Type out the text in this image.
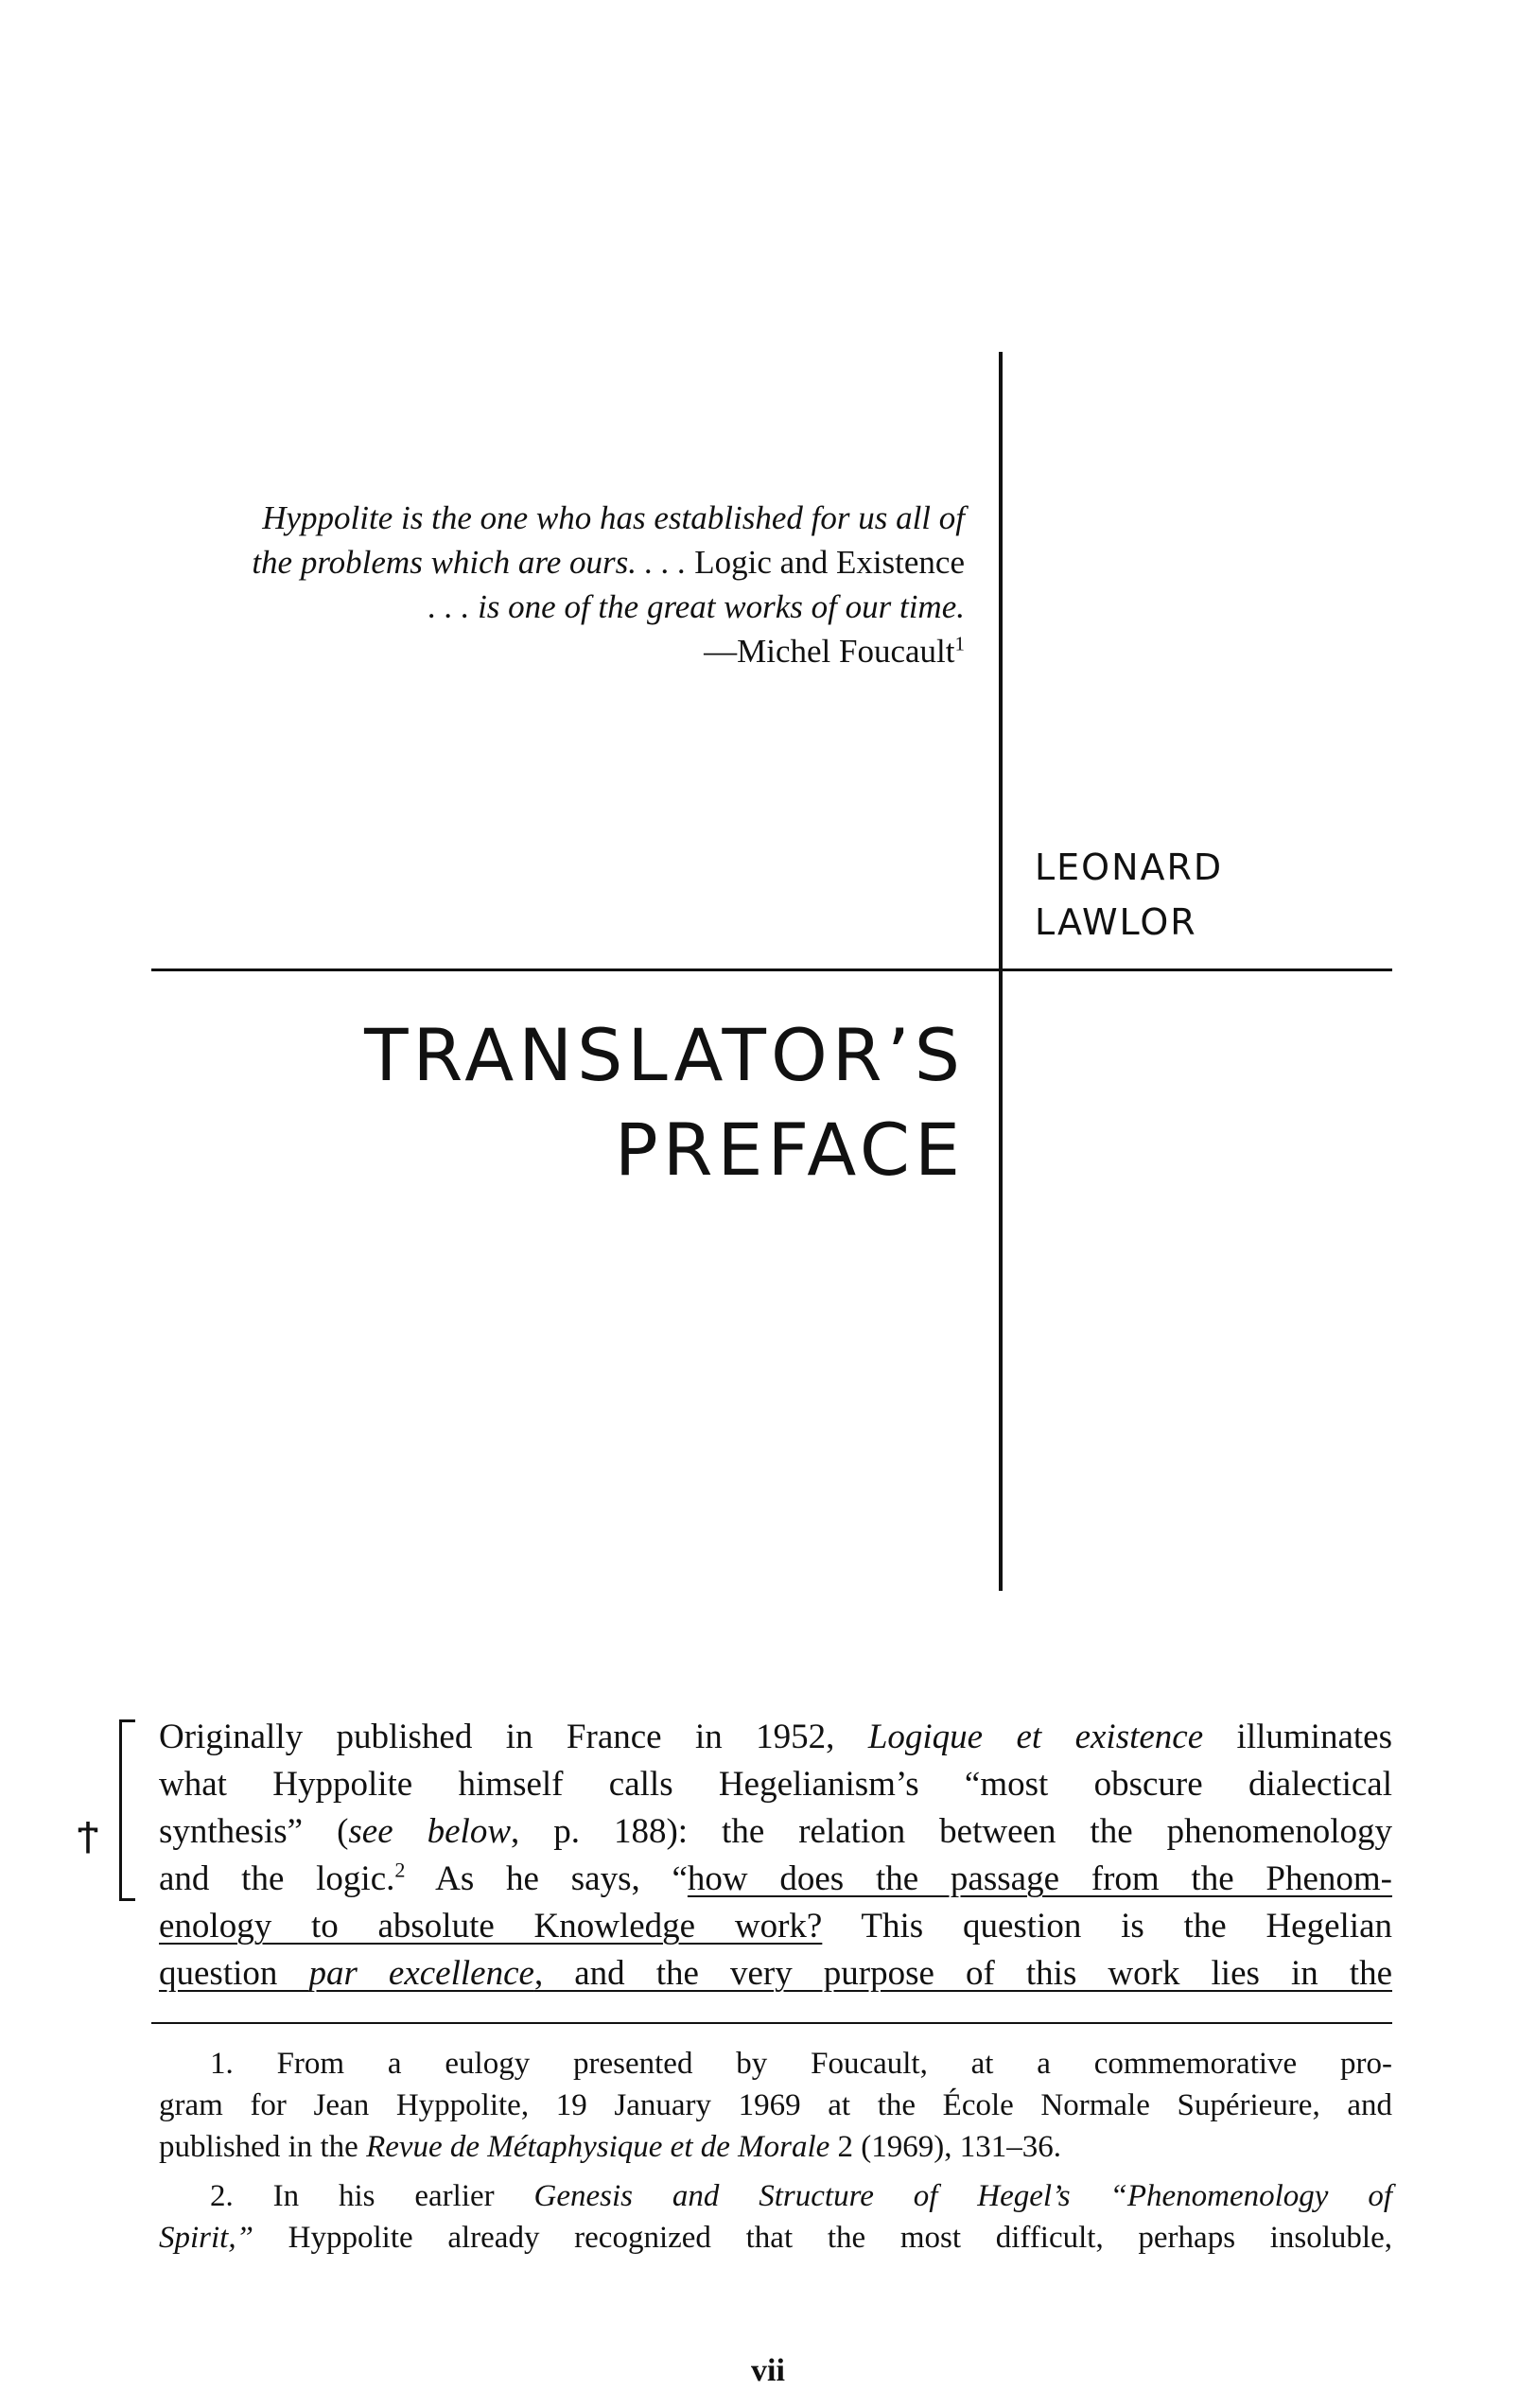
Hyppolite is the one who has established for us all of
the problems which are ours. . . . Logic and Existence
. . . is one of the great works of our time.
—Michel Foucault$^1$
LEONARD
LAWLOR
TRANSLATOR’S
PREFACE
Ϯ
Originally published in France in 1952, Logique et existence illuminates
what Hyppolite himself calls Hegelianism’s “most obscure dialectical
synthesis” (see below, p. 188): the relation between the phenomenology
and the logic.$^2$ As he says, “how does the passage from the Phenom-
enology to absolute Knowledge work? This question is the Hegelian
question par excellence, and the very purpose of this work lies in the
1. From a eulogy presented by Foucault, at a commemorative pro-
gram for Jean Hyppolite, 19 January 1969 at the École Normale Supérieure, and
published in the Revue de Métaphysique et de Morale 2 (1969), 131–36.
2. In his earlier Genesis and Structure of Hegel’s “Phenomenology of
Spirit,” Hyppolite already recognized that the most difficult, perhaps insoluble,
vii
